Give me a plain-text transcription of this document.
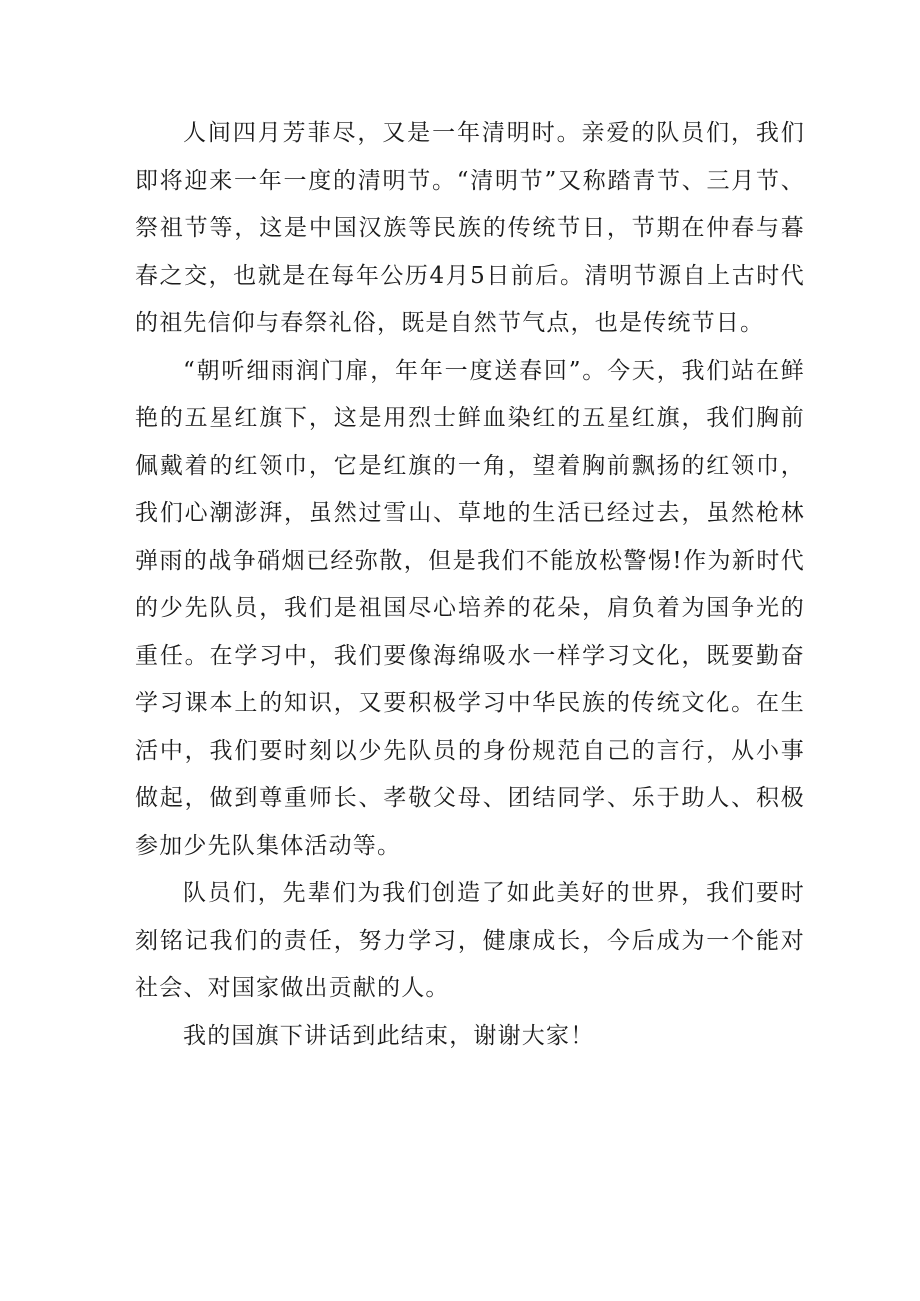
人间四月芳菲尽，又是一年清明时。亲爱的队员们，我们即将迎来一年一度的清明节。“清明节”又称踏青节、三月节、祭祖节等，这是中国汉族等民族的传统节日，节期在仲春与暮春之交，也就是在每年公历4月5日前后。清明节源自上古时代的祖先信仰与春祭礼俗，既是自然节气点，也是传统节日。

“朝听细雨润门扉，年年一度送春回”。今天，我们站在鲜艳的五星红旗下，这是用烈士鲜血染红的五星红旗，我们胸前佩戴着的红领巾，它是红旗的一角，望着胸前飘扬的红领巾，我们心潮澎湃，虽然过雪山、草地的生活已经过去，虽然枪林弹雨的战争硝烟已经弥散，但是我们不能放松警惕!作为新时代的少先队员，我们是祖国尽心培养的花朵，肩负着为国争光的重任。在学习中，我们要像海绵吸水一样学习文化，既要勤奋学习课本上的知识，又要积极学习中华民族的传统文化。在生活中，我们要时刻以少先队员的身份规范自己的言行，从小事做起，做到尊重师长、孝敬父母、团结同学、乐于助人、积极参加少先队集体活动等。

队员们，先辈们为我们创造了如此美好的世界，我们要时刻铭记我们的责任，努力学习，健康成长，今后成为一个能对社会、对国家做出贡献的人。

我的国旗下讲话到此结束，谢谢大家！
